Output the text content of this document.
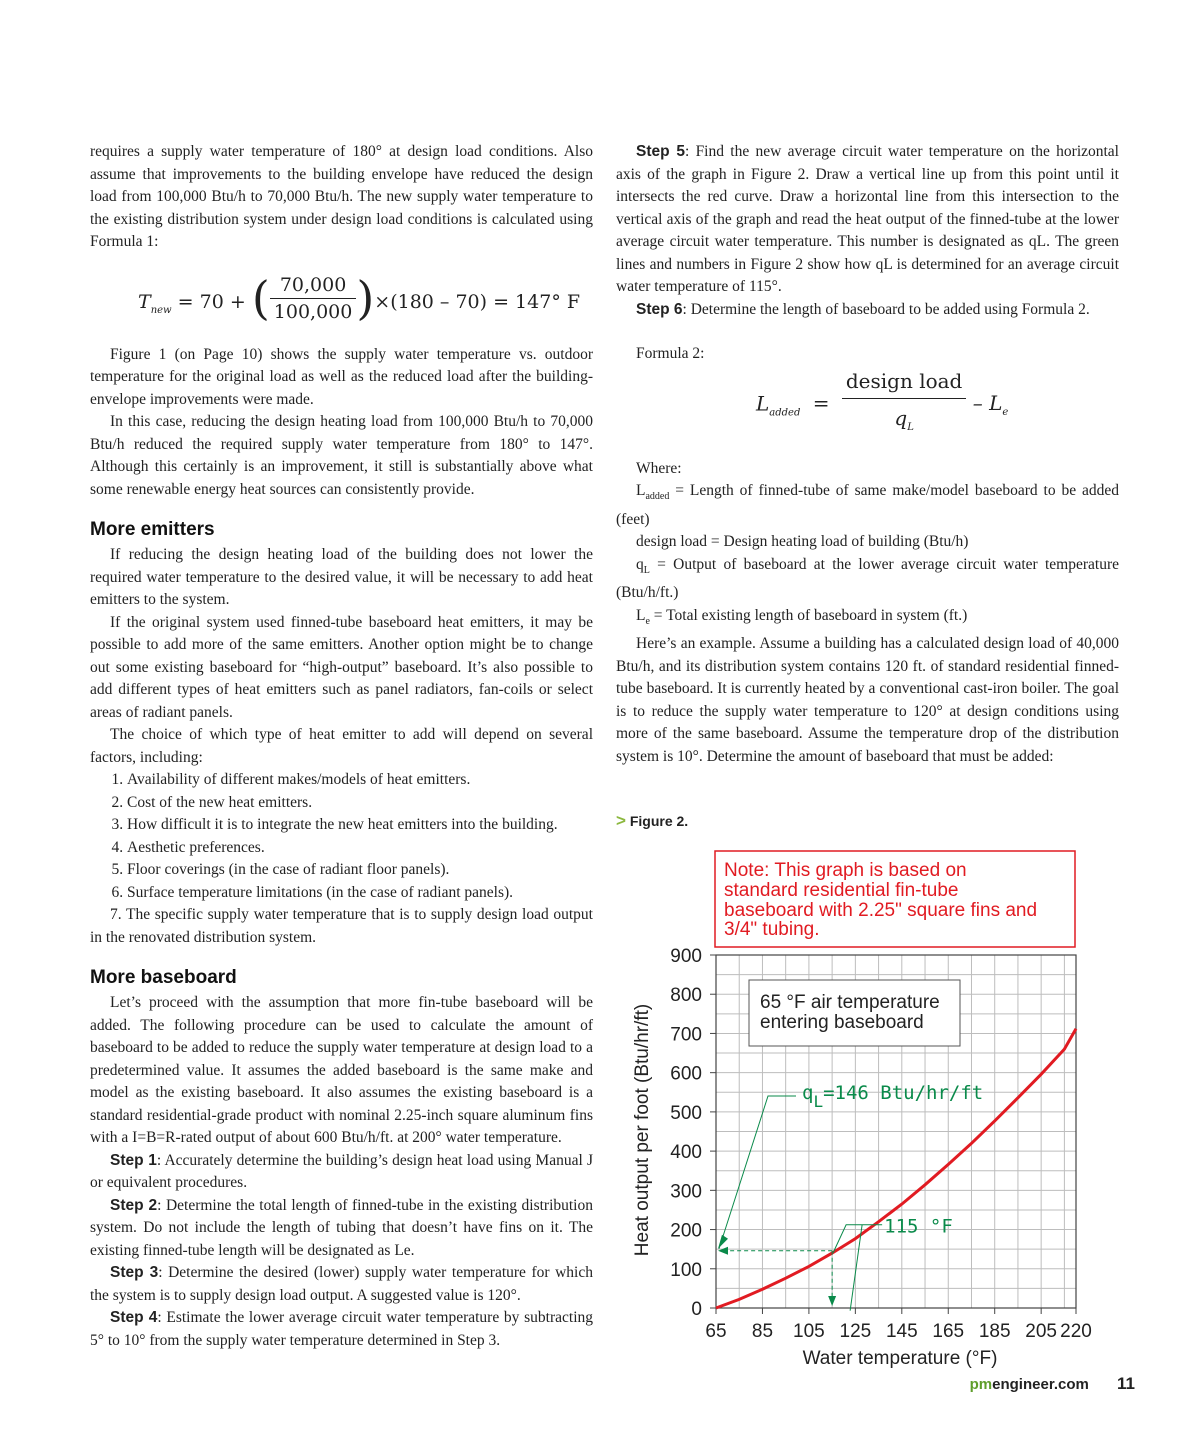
requires a supply water temperature of 180° at design load conditions. Also assume that improvements to the building envelope have reduced the design load from 100,000 Btu/h to 70,000 Btu/h. The new supply water temperature to the existing distribution system under design load conditions is calculated using Formula 1:

$T_{new} = 70$ + ( $\frac{70,000}{100,000} )\times(180 - 70) = 147^\circ$ F

Figure 1 (on Page 10) shows the supply water temperature vs. outdoor temperature for the original load as well as the reduced load after the building-envelope improvements were made.

In this case, reducing the design heating load from 100,000 Btu/h to 70,000 Btu/h reduced the required supply water temperature from 180° to 147°. Although this certainly is an improvement, it still is substantially above what some renewable energy heat sources can consistently provide.

More emitters

If reducing the design heating load of the building does not lower the required water temperature to the desired value, it will be necessary to add heat emitters to the system.

If the original system used finned-tube baseboard heat emitters, it may be possible to add more of the same emitters. Another option might be to change out some existing baseboard for “high-output” baseboard. It’s also possible to add different types of heat emitters such as panel radiators, fan-coils or select areas of radiant panels.

The choice of which type of heat emitter to add will depend on several factors, including:

1. Availability of different makes/models of heat emitters.
2. Cost of the new heat emitters.
3. How difficult it is to integrate the new heat emitters into the building.
4. Aesthetic preferences.
5. Floor coverings (in the case of radiant floor panels).
6. Surface temperature limitations (in the case of radiant panels).

7. The specific supply water temperature that is to supply design load output in the renovated distribution system.

More baseboard

Let’s proceed with the assumption that more fin-tube baseboard will be added. The following procedure can be used to calculate the amount of baseboard to be added to reduce the supply water temperature at design load to a predetermined value. It assumes the added baseboard is the same make and model as the existing baseboard. It also assumes the existing baseboard is a standard residential-grade product with nominal 2.25-inch square aluminum fins with a I=B=R-rated output of about 600 Btu/h/ft. at 200° water temperature.

Step 1: Accurately determine the building’s design heat load using Manual J or equivalent procedures.

Step 2: Determine the total length of finned-tube in the existing distribution system. Do not include the length of tubing that doesn’t have fins on it. The existing finned-tube length will be designated as Le.

Step 3: Determine the desired (lower) supply water temperature for which the system is to supply design load output. A suggested value is 120°.

Step 4: Estimate the lower average circuit water temperature by subtracting 5° to 10° from the supply water temperature determined in Step 3.

Step 5: Find the new average circuit water temperature on the horizontal axis of the graph in Figure 2. Draw a vertical line up from this point until it intersects the red curve. Draw a horizontal line from this intersection to the vertical axis of the graph and read the heat output of the finned-tube at the lower average circuit water temperature. This number is designated as qL. The green lines and numbers in Figure 2 show how qL is determined for an average circuit water temperature of 115°.

Step 6: Determine the length of baseboard to be added using Formula 2.

Formula 2:

$L_{added} = \frac{\text{design load}}{q_L} - L_e$

Where:

$L_{added}$ = Length of finned-tube of same make/model baseboard to be added (feet)

design load = Design heating load of building (Btu/h)

$q_L$ = Output of baseboard at the lower average circuit water temperature (Btu/h/ft.)

$L_e$ = Total existing length of baseboard in system (ft.)

Here’s an example. Assume a building has a calculated design load of 40,000 Btu/h, and its distribution system contains 120 ft. of standard residential finned-tube baseboard. It is currently heated by a conventional cast-iron boiler. The goal is to reduce the supply water temperature to 120° at design conditions using more of the same baseboard. Assume the temperature drop of the distribution system is 10°. Determine the amount of baseboard that must be added:

> Figure 2.
0
100
200
300
400
500
600
700
800
900
65 85 105 125 145 165 185 205 220
115 °F
$q_L=146$ Btu/hr/ft
Note: This graph is based on
standard residential fin-tube
baseboard with 2.25" square fins and
3/4" tubing.
65 °F air temperature
entering baseboard
Water temperature (°F)
Heat output per foot (Btu/hr/ft)
pmengineer.com 11
